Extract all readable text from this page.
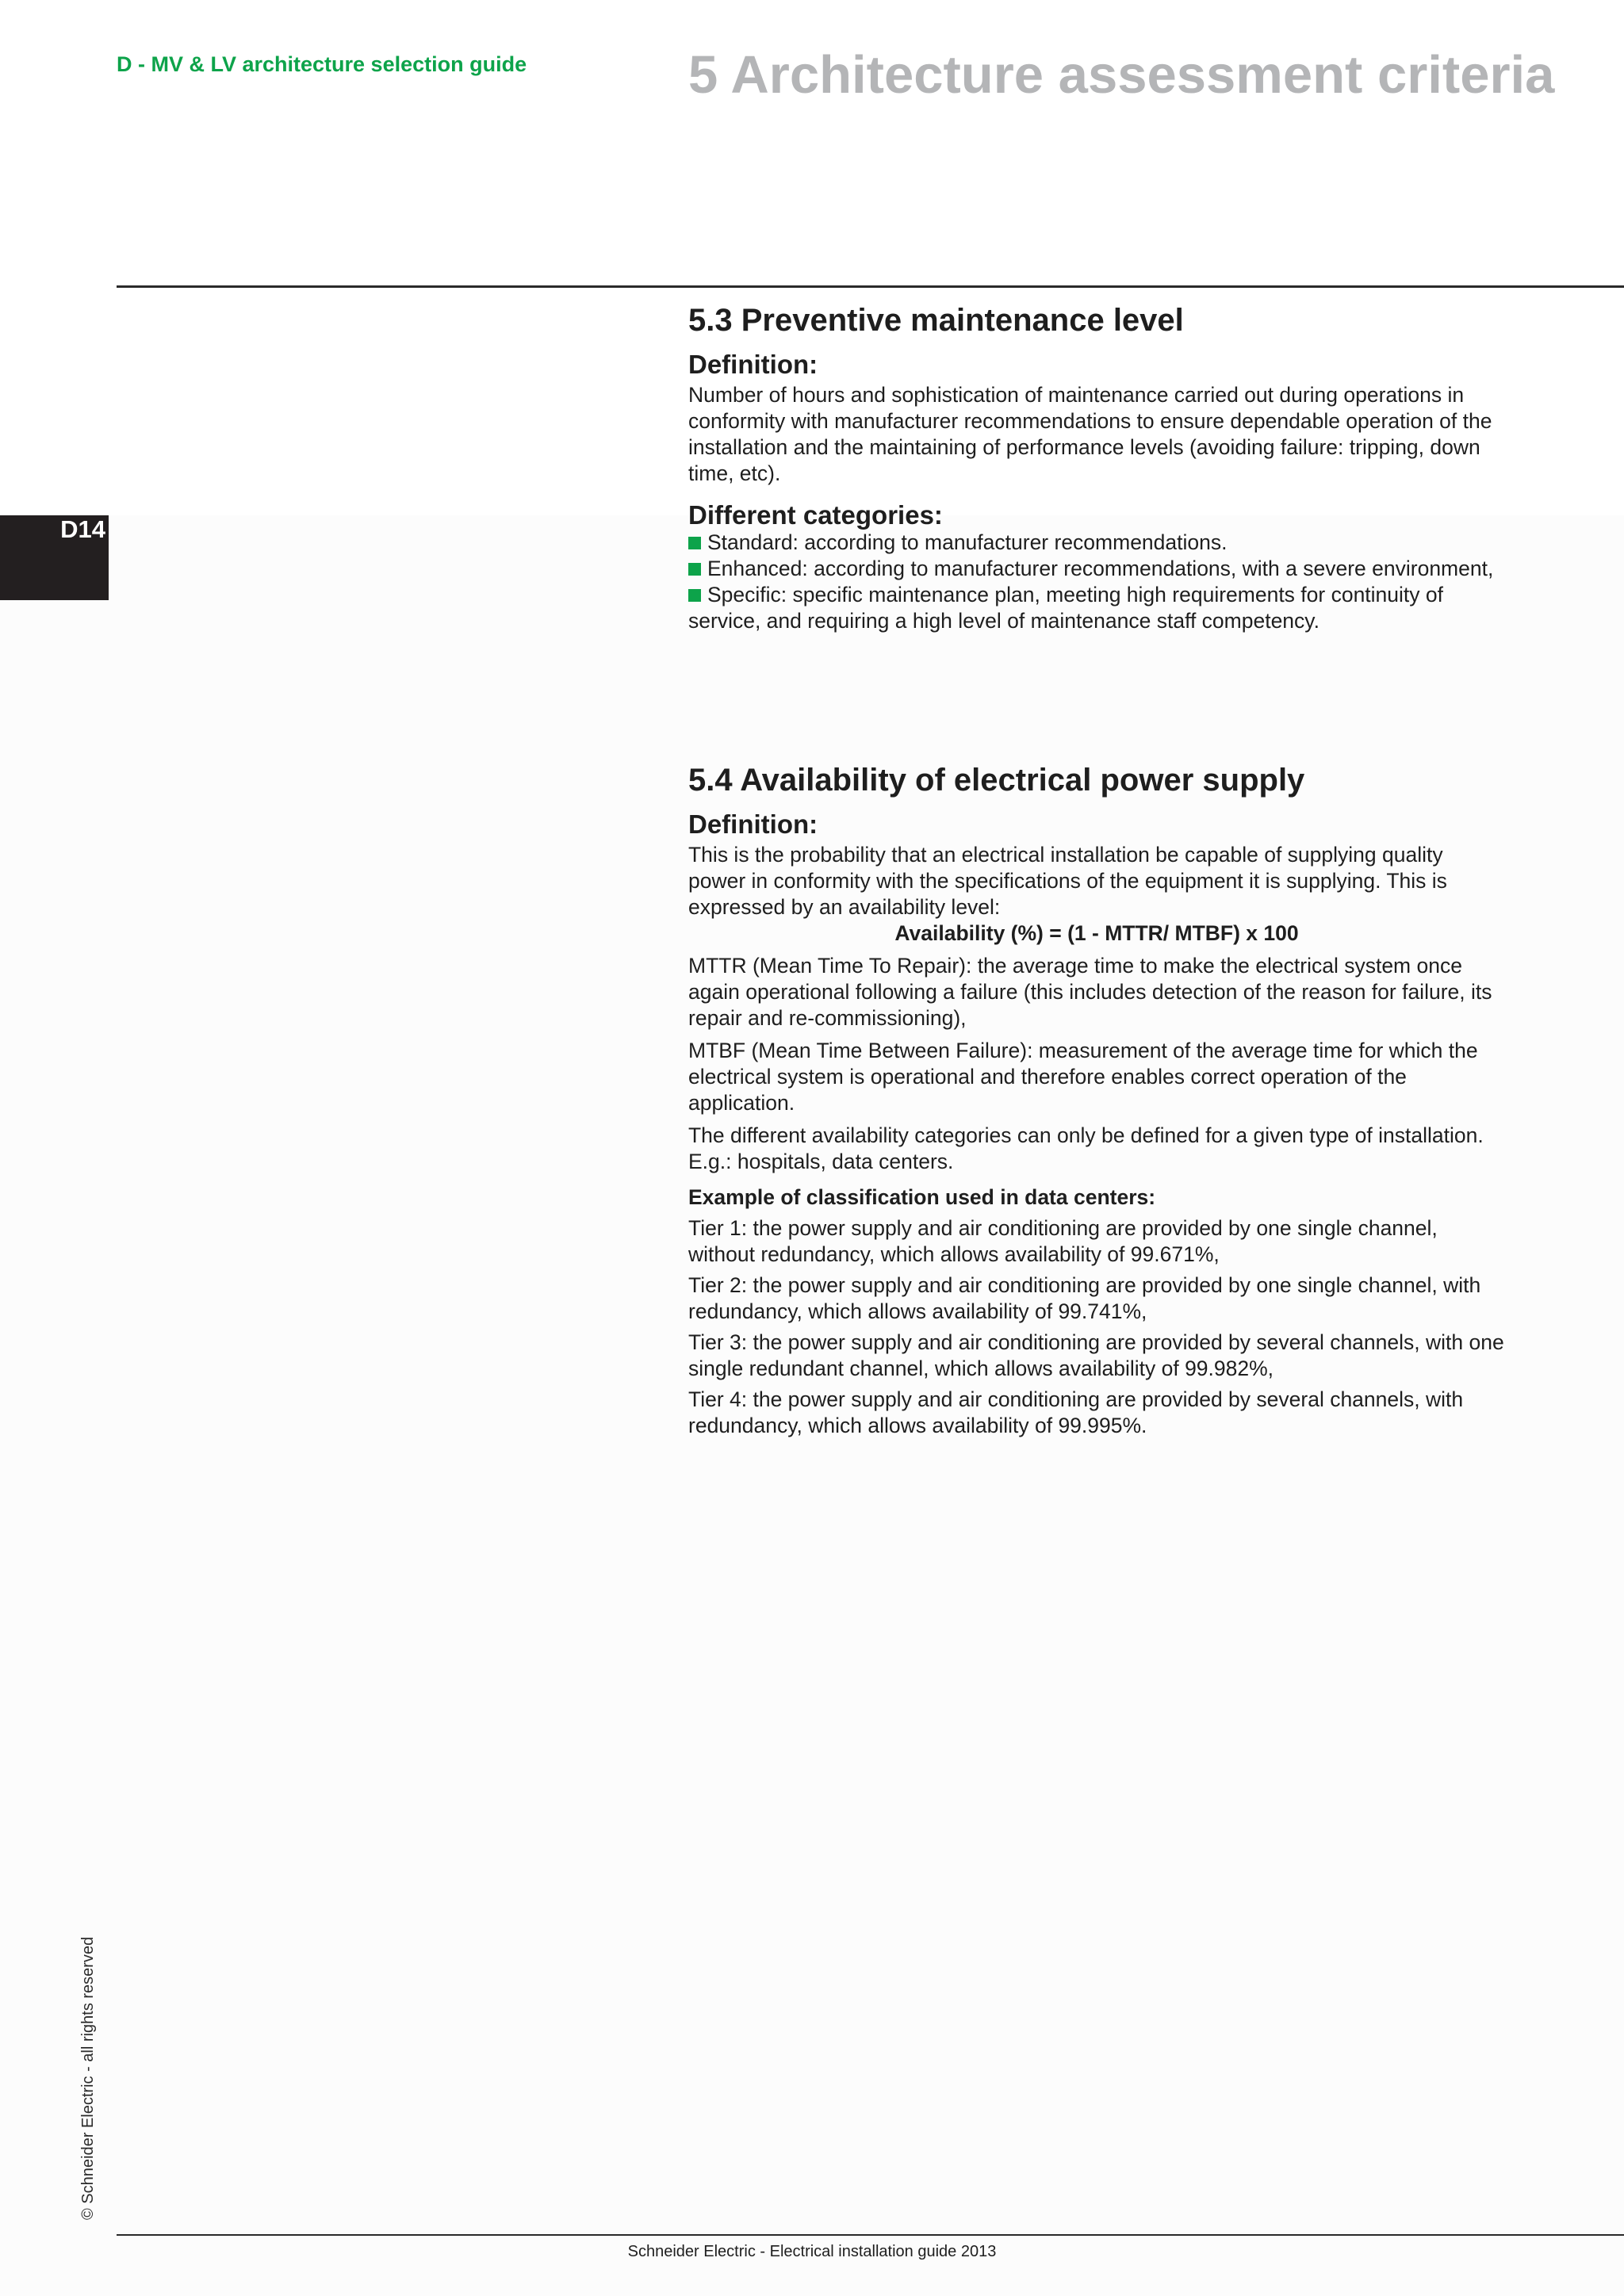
D - MV & LV architecture selection guide	5 Architecture assessment criteria
D14
5.3 Preventive maintenance level
Definition:
Number of hours and sophistication of maintenance carried out during operations in conformity with manufacturer recommendations to ensure dependable operation of the installation and the maintaining of performance levels (avoiding failure: tripping, down time, etc).
Different categories:
Standard: according to manufacturer recommendations.
Enhanced: according to manufacturer recommendations, with a severe environment,
Specific: specific maintenance plan, meeting high requirements for continuity of service, and requiring a high level of maintenance staff competency.
5.4 Availability of electrical power supply
Definition:
This is the probability that an electrical installation be capable of supplying quality power in conformity with the specifications of the equipment it is supplying. This is expressed by an availability level:
Availability (%) = (1 - MTTR/ MTBF) x 100
MTTR (Mean Time To Repair): the average time to make the electrical system once again operational following a failure (this includes detection of the reason for failure, its repair and re-commissioning),
MTBF (Mean Time Between Failure): measurement of the average time for which the electrical system is operational and therefore enables correct operation of the application.
The different availability categories can only be defined for a given type of installation. E.g.: hospitals, data centers.
Example of classification used in data centers:
Tier 1: the power supply and air conditioning are provided by one single channel, without redundancy, which allows availability of 99.671%,
Tier 2: the power supply and air conditioning are provided by one single channel, with redundancy, which allows availability of 99.741%,
Tier 3: the power supply and air conditioning are provided by several channels, with one single redundant channel, which allows availability of 99.982%,
Tier 4: the power supply and air conditioning are provided by several channels, with redundancy, which allows availability of 99.995%.
© Schneider Electric - all rights reserved
Schneider Electric - Electrical installation guide 2013
